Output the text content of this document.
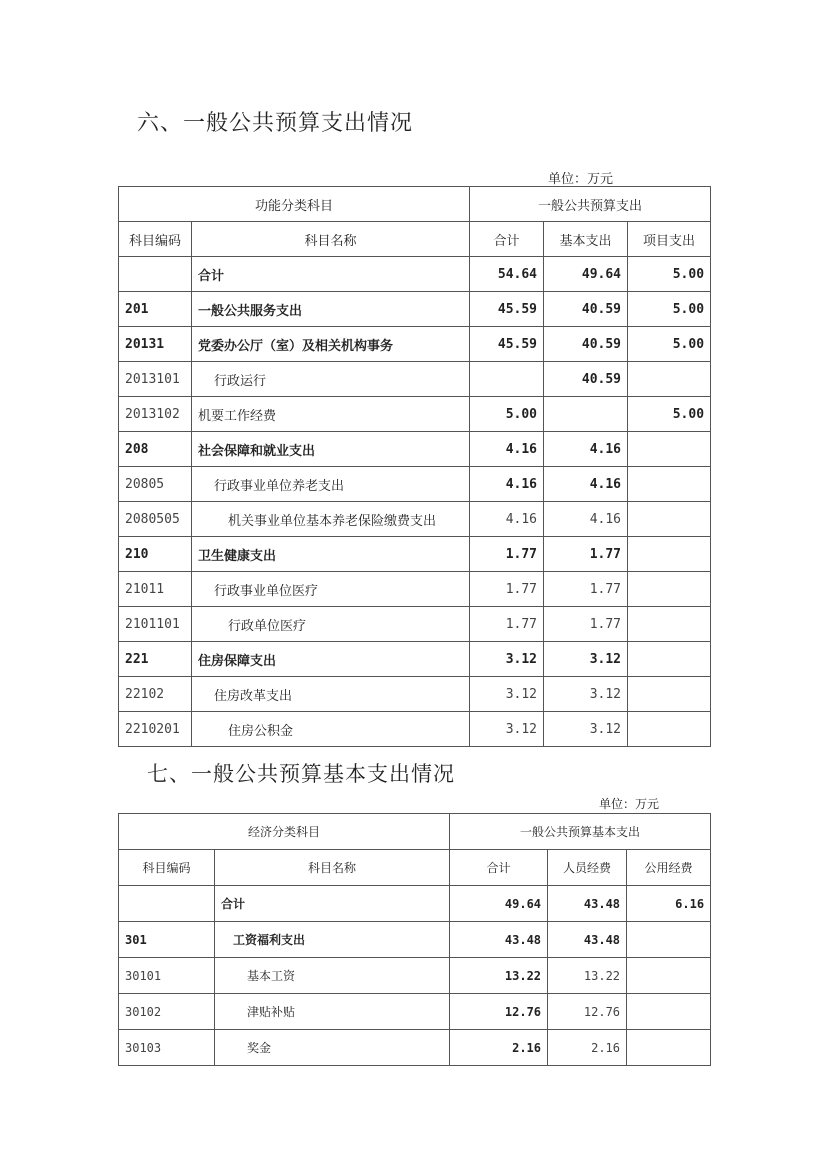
六、一般公共预算支出情况
单位：万元
功能分类科目		一般公共预算支出		
科目编码	科目名称	合计	基本支出	项目支出
	合计	54.64	49.64	5.00
201	一般公共服务支出	45.59	40.59	5.00
20131	党委办公厅（室）及相关机构事务	45.59	40.59	5.00
2013101	行政运行		40.59	
2013102	机要工作经费	5.00		5.00
208	社会保障和就业支出	4.16	4.16	
20805	行政事业单位养老支出	4.16	4.16	
2080505	机关事业单位基本养老保险缴费支出	4.16	4.16	
210	卫生健康支出	1.77	1.77	
21011	行政事业单位医疗	1.77	1.77	
2101101	行政单位医疗	1.77	1.77	
221	住房保障支出	3.12	3.12	
22102	住房改革支出	3.12	3.12	
2210201	住房公积金	3.12	3.12	
七、一般公共预算基本支出情况
单位：万元
经济分类科目		一般公共预算基本支出		
科目编码	科目名称	合计	人员经费	公用经费
	合计	49.64	43.48	6.16
301	工资福利支出	43.48	43.48	
30101	基本工资	13.22	13.22	
30102	津贴补贴	12.76	12.76	
30103	奖金	2.16	2.16	
